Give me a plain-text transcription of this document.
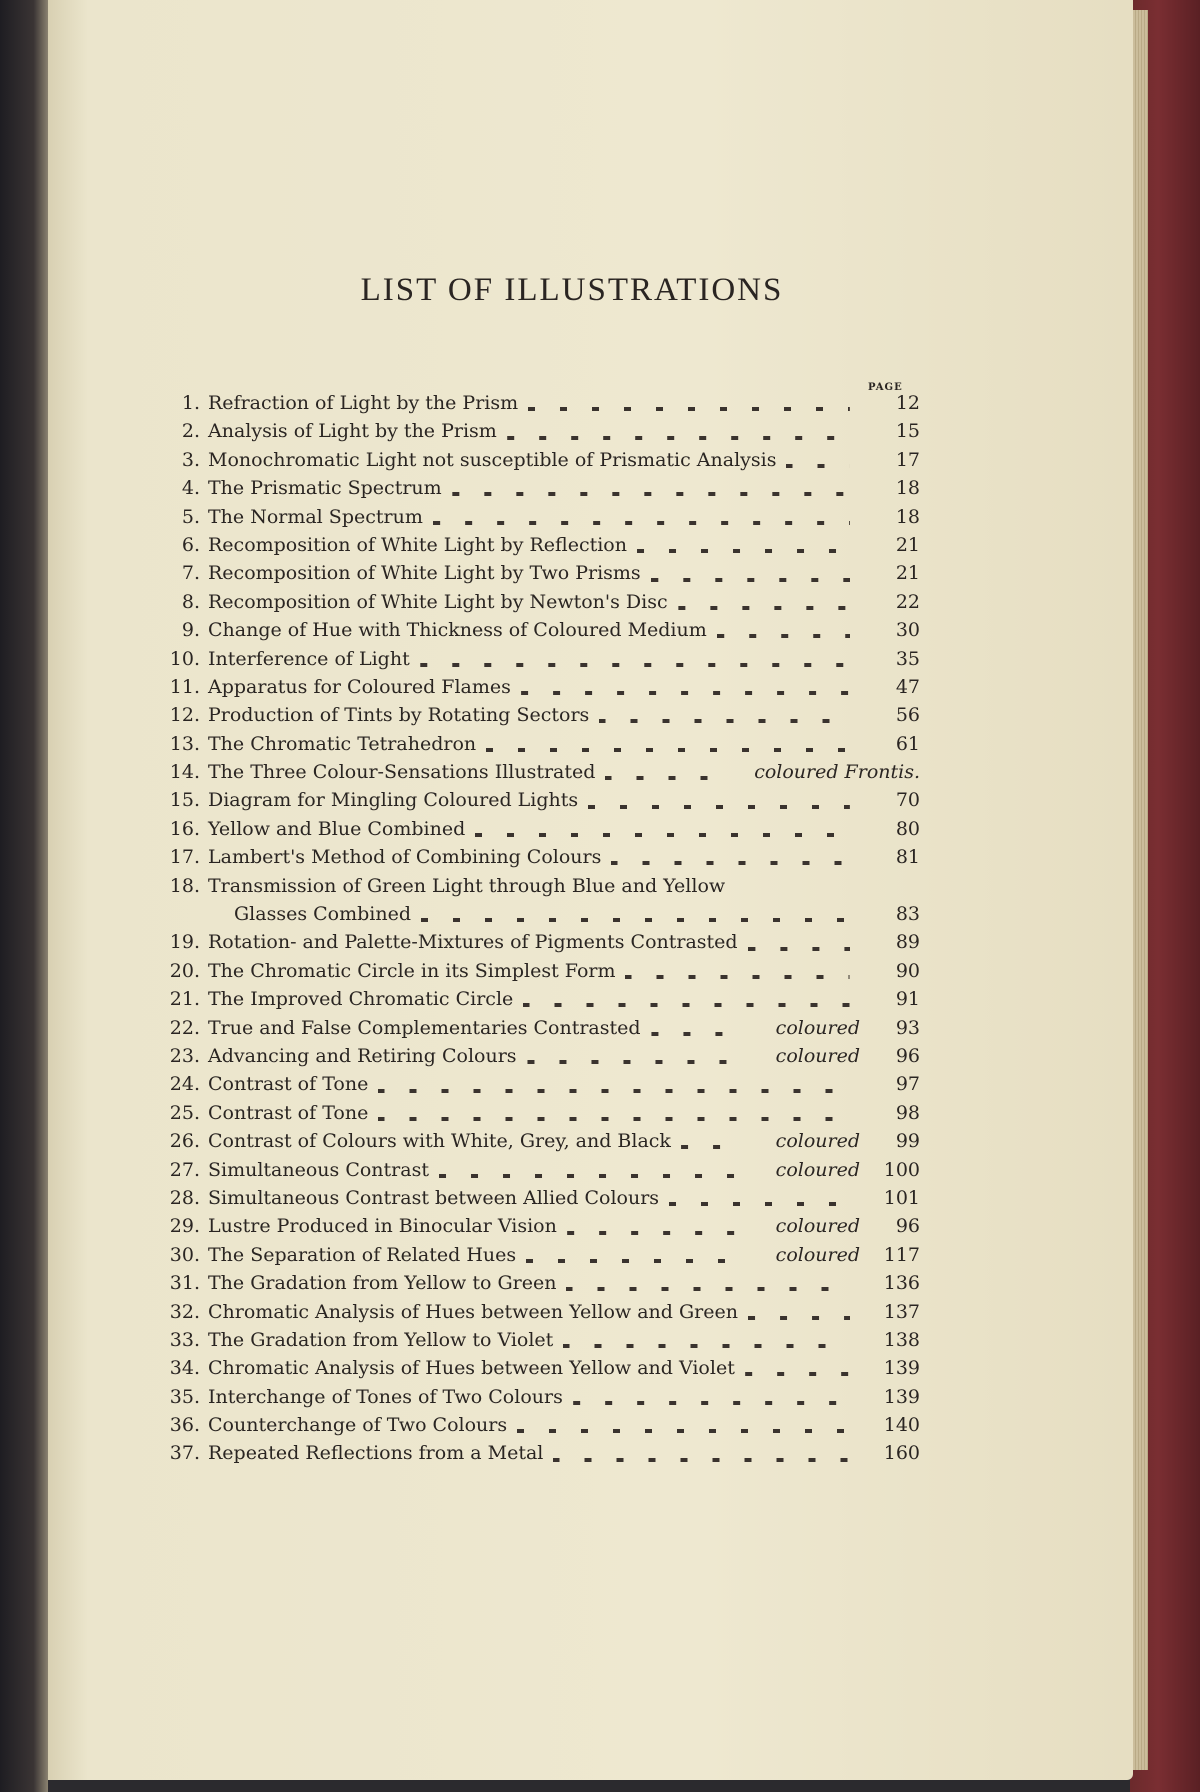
LIST OF ILLUSTRATIONS
PAGE
1. Refraction of Light by the Prism	12
2. Analysis of Light by the Prism	15
3. Monochromatic Light not susceptible of Prismatic Analysis	17
4. The Prismatic Spectrum	18
5. The Normal Spectrum	18
6. Recomposition of White Light by Reflection	21
7. Recomposition of White Light by Two Prisms	21
8. Recomposition of White Light by Newton's Disc	22
9. Change of Hue with Thickness of Coloured Medium	30
10. Interference of Light	35
11. Apparatus for Coloured Flames	47
12. Production of Tints by Rotating Sectors	56
13. The Chromatic Tetrahedron	61
14. The Three Colour-Sensations Illustrated	coloured Frontis.
15. Diagram for Mingling Coloured Lights	70
16. Yellow and Blue Combined	80
17. Lambert's Method of Combining Colours	81
18. Transmission of Green Light through Blue and Yellow
Glasses Combined	83
19. Rotation- and Palette-Mixtures of Pigments Contrasted	89
20. The Chromatic Circle in its Simplest Form	90
21. The Improved Chromatic Circle	91
22. True and False Complementaries Contrasted	coloured	93
23. Advancing and Retiring Colours	coloured	96
24. Contrast of Tone	97
25. Contrast of Tone	98
26. Contrast of Colours with White, Grey, and Black	coloured	99
27. Simultaneous Contrast	coloured	100
28. Simultaneous Contrast between Allied Colours	101
29. Lustre Produced in Binocular Vision	coloured	96
30. The Separation of Related Hues	coloured	117
31. The Gradation from Yellow to Green	136
32. Chromatic Analysis of Hues between Yellow and Green	137
33. The Gradation from Yellow to Violet	138
34. Chromatic Analysis of Hues between Yellow and Violet	139
35. Interchange of Tones of Two Colours	139
36. Counterchange of Two Colours	140
37. Repeated Reflections from a Metal	160
